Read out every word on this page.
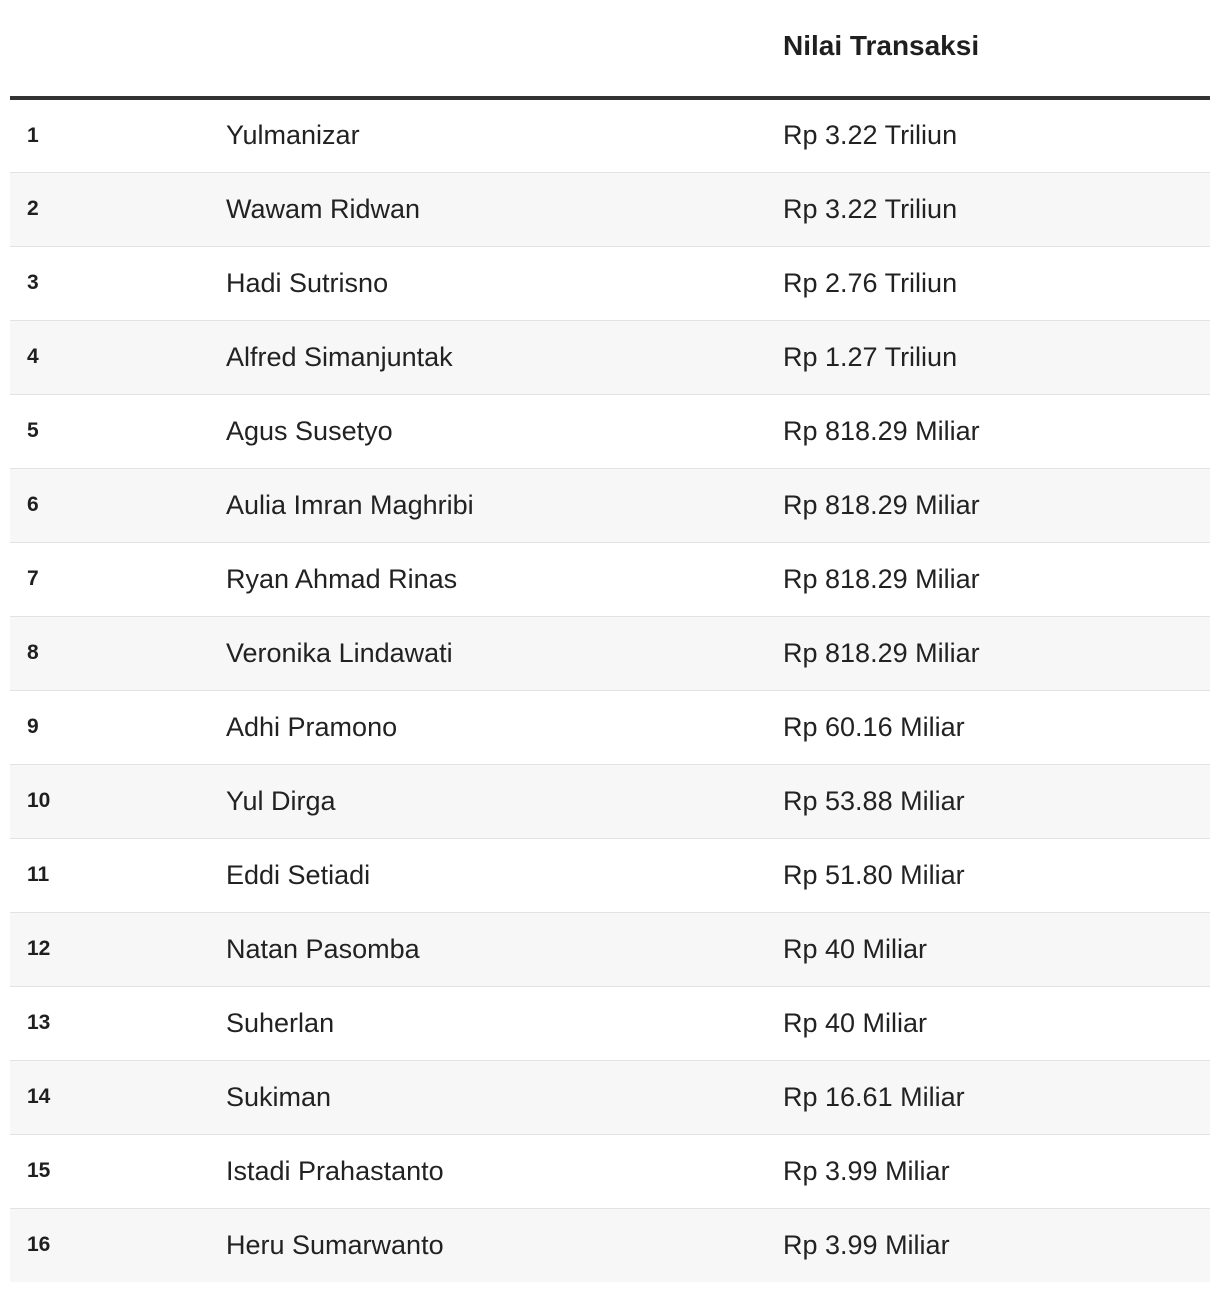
		Nilai Transaksi
1	Yulmanizar	Rp 3.22 Triliun
2	Wawam Ridwan	Rp 3.22 Triliun
3	Hadi Sutrisno	Rp 2.76 Triliun
4	Alfred Simanjuntak	Rp 1.27 Triliun
5	Agus Susetyo	Rp 818.29 Miliar
6	Aulia Imran Maghribi	Rp 818.29 Miliar
7	Ryan Ahmad Rinas	Rp 818.29 Miliar
8	Veronika Lindawati	Rp 818.29 Miliar
9	Adhi Pramono	Rp 60.16 Miliar
10	Yul Dirga	Rp 53.88 Miliar
11	Eddi Setiadi	Rp 51.80 Miliar
12	Natan Pasomba	Rp 40 Miliar
13	Suherlan	Rp 40 Miliar
14	Sukiman	Rp 16.61 Miliar
15	Istadi Prahastanto	Rp 3.99 Miliar
16	Heru Sumarwanto	Rp 3.99 Miliar
